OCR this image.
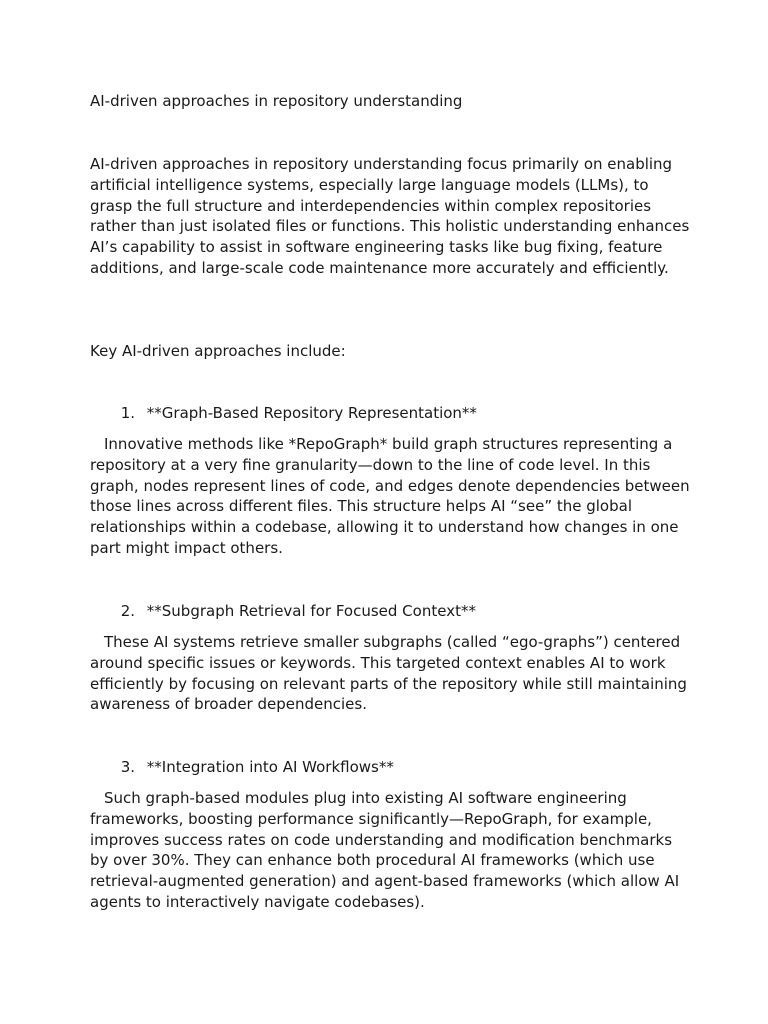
AI-driven approaches in repository understanding

AI-driven approaches in repository understanding focus primarily on enabling artificial intelligence systems, especially large language models (LLMs), to grasp the full structure and interdependencies within complex repositories rather than just isolated files or functions. This holistic understanding enhances AI’s capability to assist in software engineering tasks like bug fixing, feature additions, and large-scale code maintenance more accurately and efficiently.

Key AI-driven approaches include:

1. **Graph-Based Repository Representation**

Innovative methods like *RepoGraph* build graph structures representing a repository at a very fine granularity—down to the line of code level. In this graph, nodes represent lines of code, and edges denote dependencies between those lines across different files. This structure helps AI “see” the global relationships within a codebase, allowing it to understand how changes in one part might impact others.

2. **Subgraph Retrieval for Focused Context**

These AI systems retrieve smaller subgraphs (called “ego-graphs”) centered around specific issues or keywords. This targeted context enables AI to work efficiently by focusing on relevant parts of the repository while still maintaining awareness of broader dependencies.

3. **Integration into AI Workflows**

Such graph-based modules plug into existing AI software engineering frameworks, boosting performance significantly—RepoGraph, for example, improves success rates on code understanding and modification benchmarks by over 30%. They can enhance both procedural AI frameworks (which use retrieval-augmented generation) and agent-based frameworks (which allow AI agents to interactively navigate codebases).
